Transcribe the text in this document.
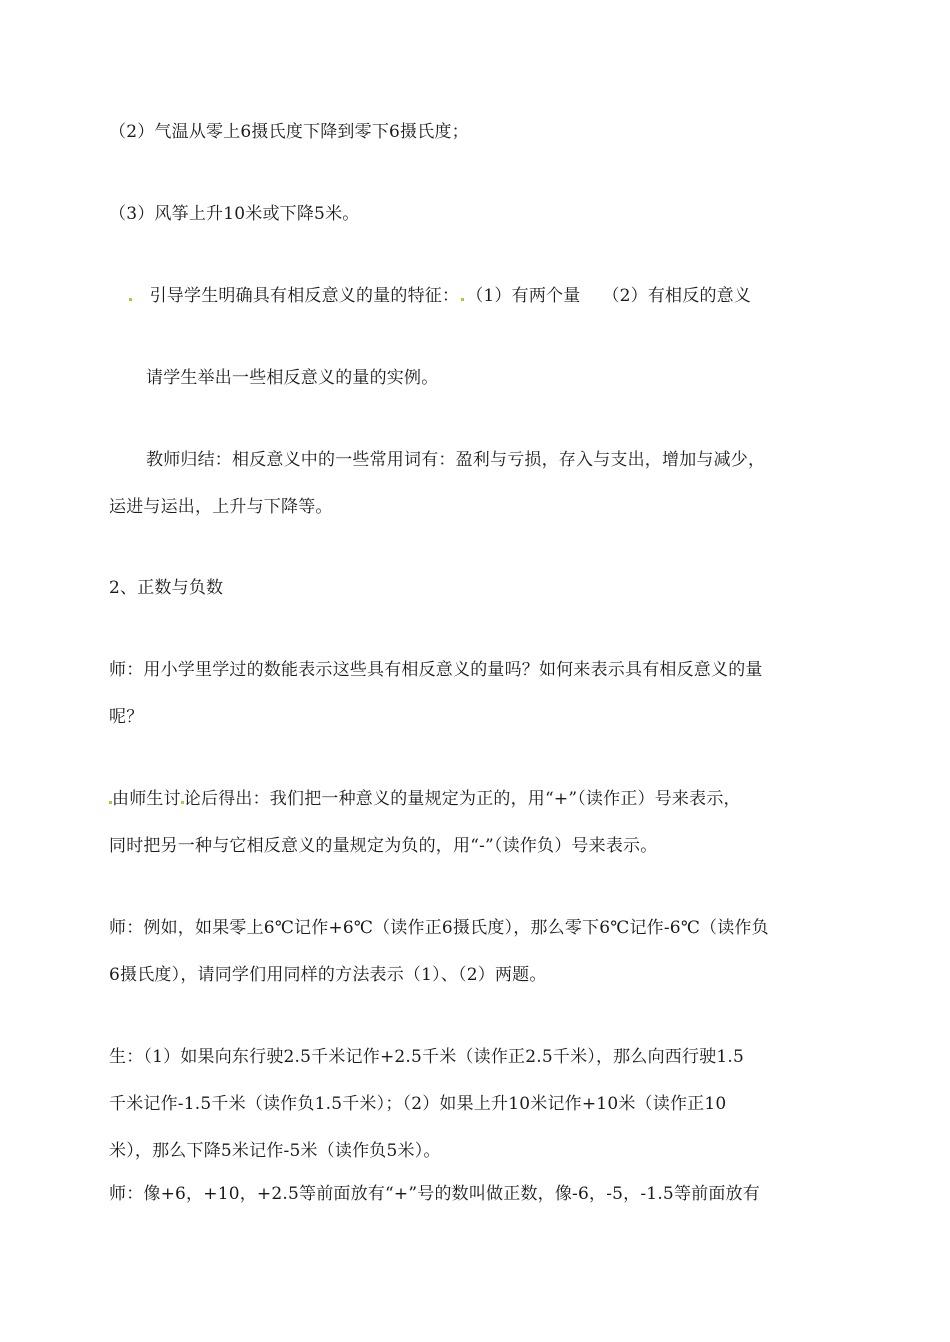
（2）气温从零上6摄氏度下降到零下6摄氏度；
（3）风筝上升10米或下降5米。
引导学生明确具有相反意义的量的特征： （1）有两个量 （2）有相反的意义
请学生举出一些相反意义的量的实例。
教师归结：相反意义中的一些常用词有：盈利与亏损，存入与支出，增加与减少，
运进与运出，上升与下降等。
2、正数与负数
师：用小学里学过的数能表示这些具有相反意义的量吗？如何来表示具有相反意义的量
呢？
由师生讨 论后得出：我们把一种意义的量规定为正的，用“+”（读作正）号来表示，
同时把另一种与它相反意义的量规定为负的，用“-”（读作负）号来表示。
师：例如，如果零上6℃记作+6℃（读作正6摄氏度），那么零下6℃记作-6℃（读作负
6摄氏度），请同学们用同样的方法表示（1）、（2）两题。
生：（1）如果向东行驶2.5千米记作+2.5千米（读作正2.5千米），那么向西行驶1.5
千米记作-1.5千米（读作负1.5千米）；（2）如果上升10米记作+10米（读作正10
米），那么下降5米记作-5米（读作负5米）。
师：像+6，+10，+2.5等前面放有“+”号的数叫做正数，像-6，-5，-1.5等前面放有
